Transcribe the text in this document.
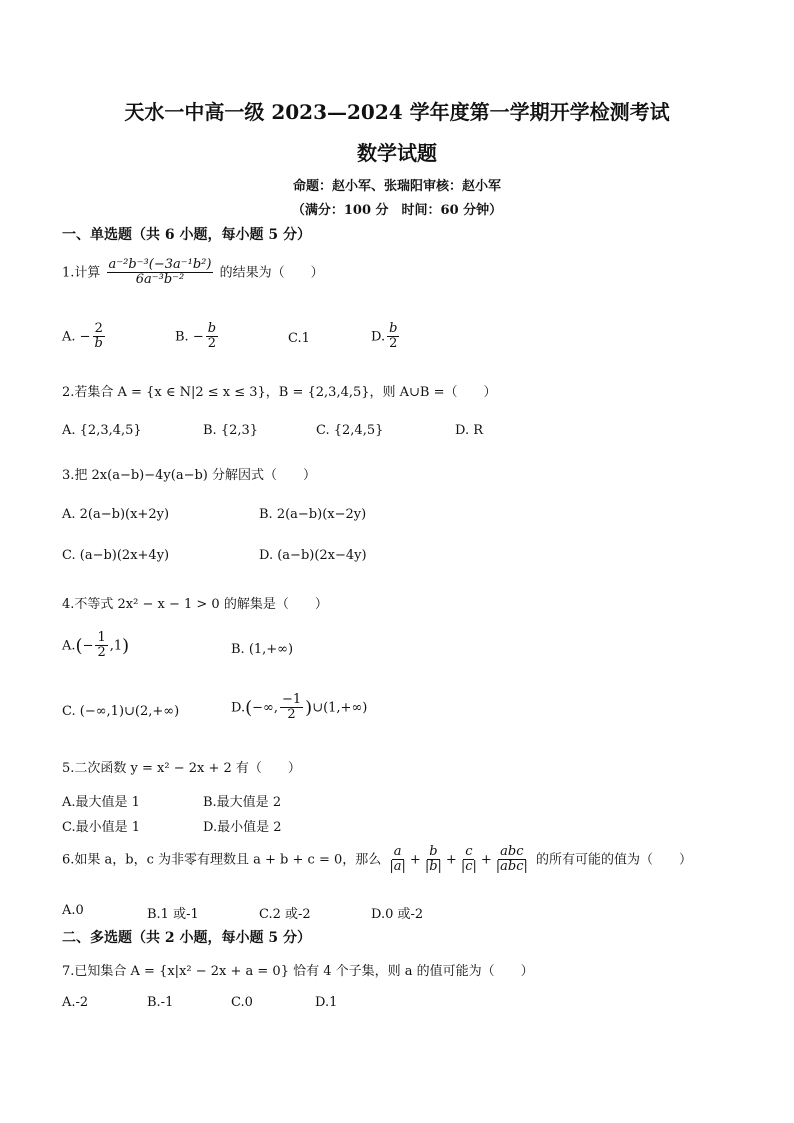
天水一中高一级 2023—2024 学年度第一学期开学检测考试
数学试题
命题：赵小军、张瑞阳审核：赵小军
（满分：100 分　时间：60 分钟）
一、单选题（共 6 小题，每小题 5 分）
1.计算 $\frac{\text{a⁻²b⁻³(−3a⁻¹b²)}}{\text{6a⁻³b⁻²}}$ 的结果为（　　）
A. − $\frac{2}{b}$	B. − $\frac{b}{2}$	C.1	D. $\frac{b}{2}$
2.若集合 A = {x ∈ N|2 ≤ x ≤ 3}，B = {2,3,4,5}，则 A∪B =（　　）
A. {2,3,4,5}	B. {2,3}	C. {2,4,5}	D. R
3.把 2x(a−b)−4y(a−b) 分解因式（　　）
A. 2(a−b)(x+2y)	B. 2(a−b)(x−2y)
C. (a−b)(2x+4y)	D. (a−b)(2x−4y)
4.不等式 2x² − x − 1 > 0 的解集是（　　）
$A.(- \frac{1}{2} ,1)$	B. (1,+∞)
C. (−∞,1)∪(2,+∞)	D.(−∞, $\frac{-1}{2}$ )∪(1,+∞)
5.二次函数 y = x² − 2x + 2 有（　　）
A.最大值是 1	B.最大值是 2
C.最小值是 1	D.最小值是 2
6.如果 a，b，c 为非零有理数且 a + b + c = 0，那么 $\frac{a}{|a|} + \frac{b}{|b|} + \frac{c}{|c|} + \frac{\text{abc}}{\text{|abc|}}$ 的所有可能的值为（　　）
A.0	B.1 或-1	C.2 或-2	D.0 或-2
二、多选题（共 2 小题，每小题 5 分）
7.已知集合 A = {x|x² − 2x + a = 0} 恰有 4 个子集，则 a 的值可能为（　　）
A.-2	B.-1	C.0	D.1
